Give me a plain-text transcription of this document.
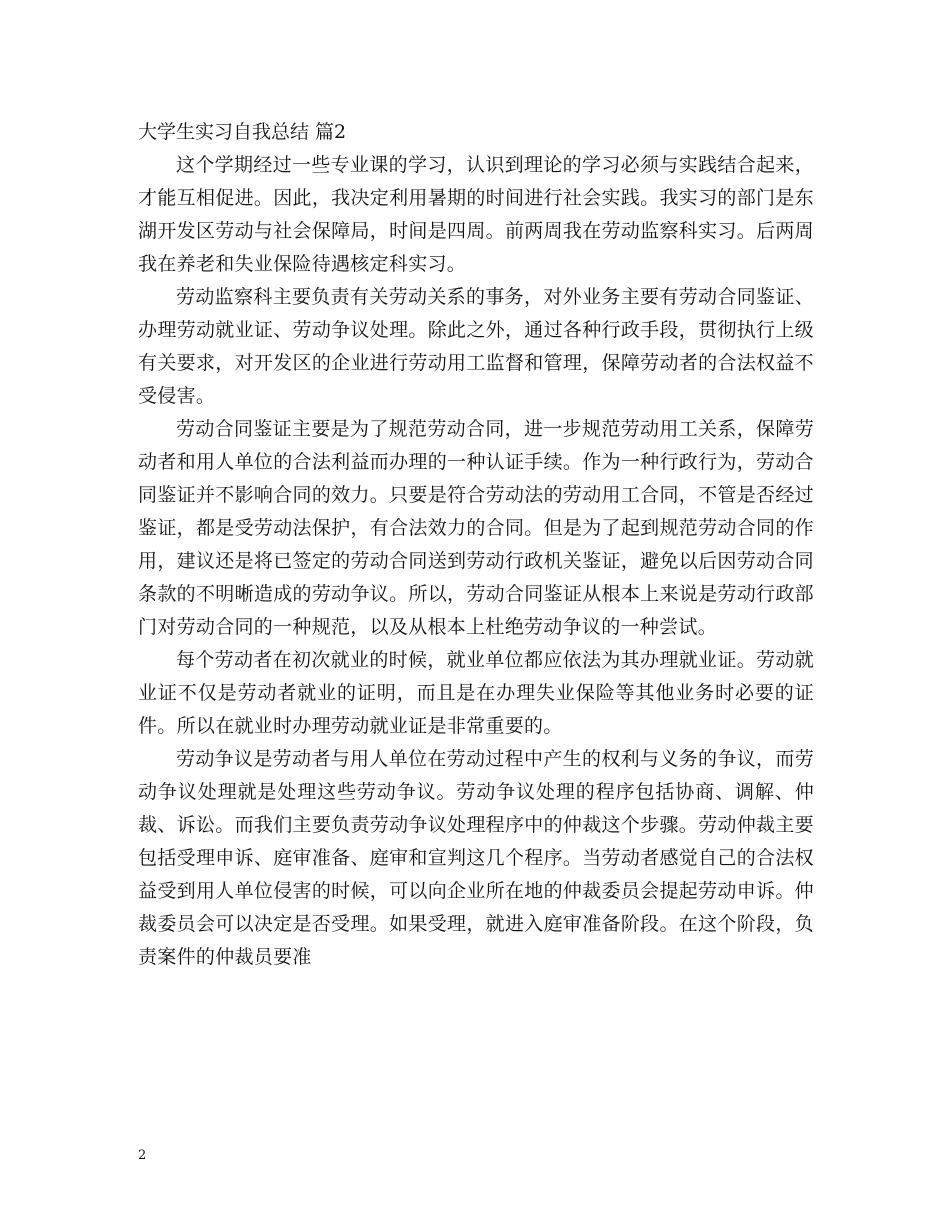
大学生实习自我总结 篇2

这个学期经过一些专业课的学习，认识到理论的学习必须与实践结合起来，才能互相促进。因此，我决定利用暑期的时间进行社会实践。我实习的部门是东湖开发区劳动与社会保障局，时间是四周。前两周我在劳动监察科实习。后两周我在养老和失业保险待遇核定科实习。

劳动监察科主要负责有关劳动关系的事务，对外业务主要有劳动合同鉴证、办理劳动就业证、劳动争议处理。除此之外，通过各种行政手段，贯彻执行上级有关要求，对开发区的企业进行劳动用工监督和管理，保障劳动者的合法权益不受侵害。

劳动合同鉴证主要是为了规范劳动合同，进一步规范劳动用工关系，保障劳动者和用人单位的合法利益而办理的一种认证手续。作为一种行政行为，劳动合同鉴证并不影响合同的效力。只要是符合劳动法的劳动用工合同，不管是否经过鉴证，都是受劳动法保护，有合法效力的合同。但是为了起到规范劳动合同的作用，建议还是将已签定的劳动合同送到劳动行政机关鉴证，避免以后因劳动合同条款的不明晰造成的劳动争议。所以，劳动合同鉴证从根本上来说是劳动行政部门对劳动合同的一种规范，以及从根本上杜绝劳动争议的一种尝试。

每个劳动者在初次就业的时候，就业单位都应依法为其办理就业证。劳动就业证不仅是劳动者就业的证明，而且是在办理失业保险等其他业务时必要的证件。所以在就业时办理劳动就业证是非常重要的。

劳动争议是劳动者与用人单位在劳动过程中产生的权利与义务的争议，而劳动争议处理就是处理这些劳动争议。劳动争议处理的程序包括协商、调解、仲裁、诉讼。而我们主要负责劳动争议处理程序中的仲裁这个步骤。劳动仲裁主要包括受理申诉、庭审准备、庭审和宣判这几个程序。当劳动者感觉自己的合法权益受到用人单位侵害的时候，可以向企业所在地的仲裁委员会提起劳动申诉。仲裁委员会可以决定是否受理。如果受理，就进入庭审准备阶段。在这个阶段，负责案件的仲裁员要准

2
